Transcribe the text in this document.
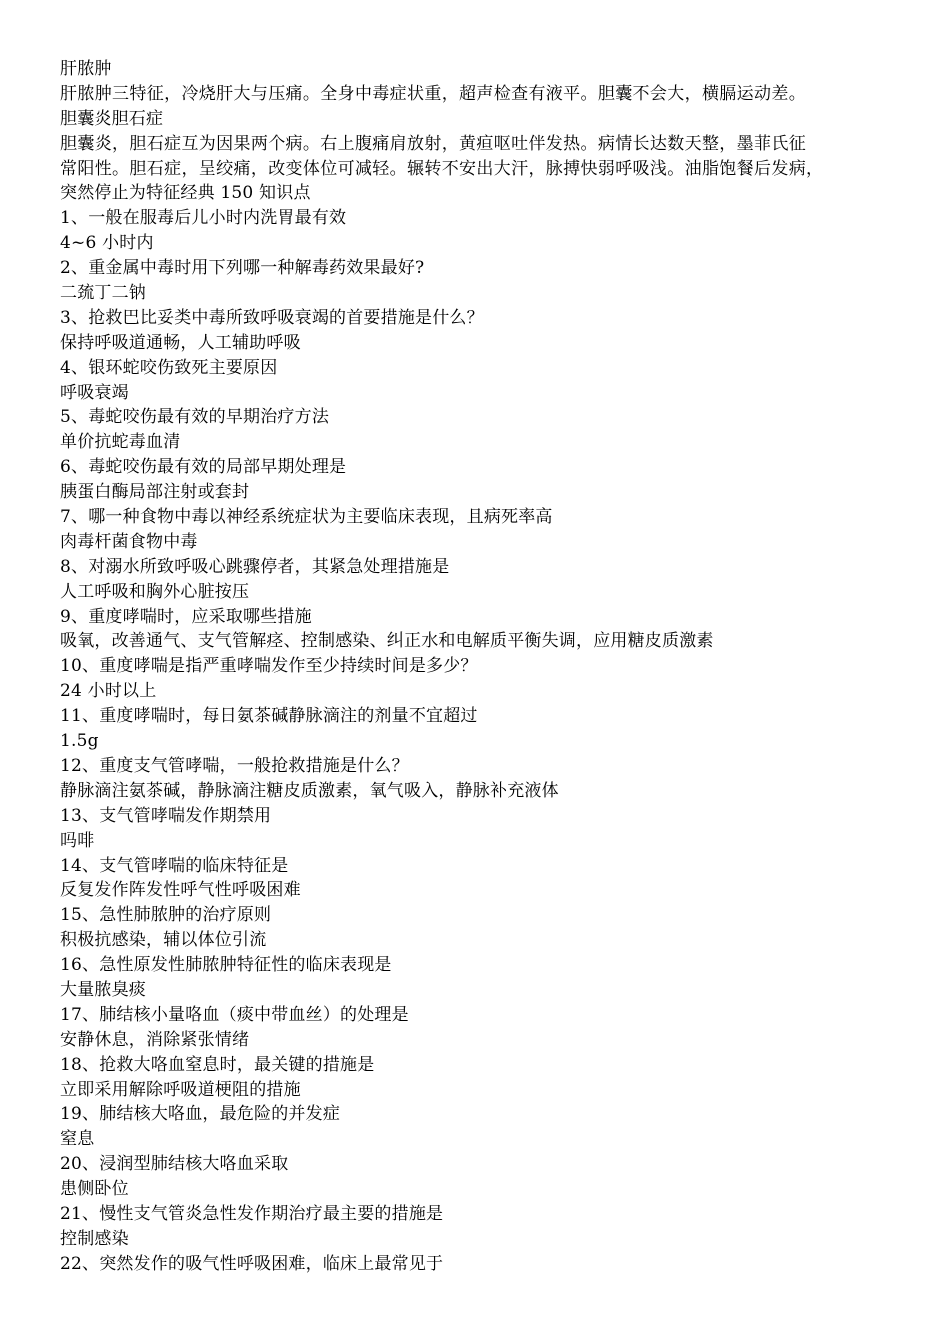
肝脓肿
肝脓肿三特征，冷烧肝大与压痛。全身中毒症状重，超声检查有液平。胆囊不会大，横膈运动差。
胆囊炎胆石症
胆囊炎，胆石症互为因果两个病。右上腹痛肩放射，黄疸呕吐伴发热。病情长达数天整，墨菲氏征
常阳性。胆石症，呈绞痛，改变体位可减轻。辗转不安出大汗，脉搏快弱呼吸浅。油脂饱餐后发病，
突然停止为特征经典 150 知识点
1、一般在服毒后儿小时内洗胃最有效
4~6 小时内
2、重金属中毒时用下列哪一种解毒药效果最好?
二巯丁二钠
3、抢救巴比妥类中毒所致呼吸衰竭的首要措施是什么？
保持呼吸道通畅，人工辅助呼吸
4、银环蛇咬伤致死主要原因
呼吸衰竭
5、毒蛇咬伤最有效的早期治疗方法
单价抗蛇毒血清
6、毒蛇咬伤最有效的局部早期处理是
胰蛋白酶局部注射或套封
7、哪一种食物中毒以神经系统症状为主要临床表现，且病死率高
肉毒杆菌食物中毒
8、对溺水所致呼吸心跳骤停者，其紧急处理措施是
人工呼吸和胸外心脏按压
9、重度哮喘时，应采取哪些措施
吸氧，改善通气、支气管解痉、控制感染、纠正水和电解质平衡失调，应用糖皮质激素
10、重度哮喘是指严重哮喘发作至少持续时间是多少？
24 小时以上
11、重度哮喘时，每日氨茶碱静脉滴注的剂量不宜超过
1.5g
12、重度支气管哮喘，一般抢救措施是什么？
静脉滴注氨茶碱，静脉滴注糖皮质激素，氧气吸入，静脉补充液体
13、支气管哮喘发作期禁用
吗啡
14、支气管哮喘的临床特征是
反复发作阵发性呼气性呼吸困难
15、急性肺脓肿的治疗原则
积极抗感染，辅以体位引流
16、急性原发性肺脓肿特征性的临床表现是
大量脓臭痰
17、肺结核小量咯血（痰中带血丝）的处理是
安静休息，消除紧张情绪
18、抢救大咯血窒息时，最关键的措施是
立即采用解除呼吸道梗阻的措施
19、肺结核大咯血，最危险的并发症
窒息
20、浸润型肺结核大咯血采取
患侧卧位
21、慢性支气管炎急性发作期治疗最主要的措施是
控制感染
22、突然发作的吸气性呼吸困难，临床上最常见于
